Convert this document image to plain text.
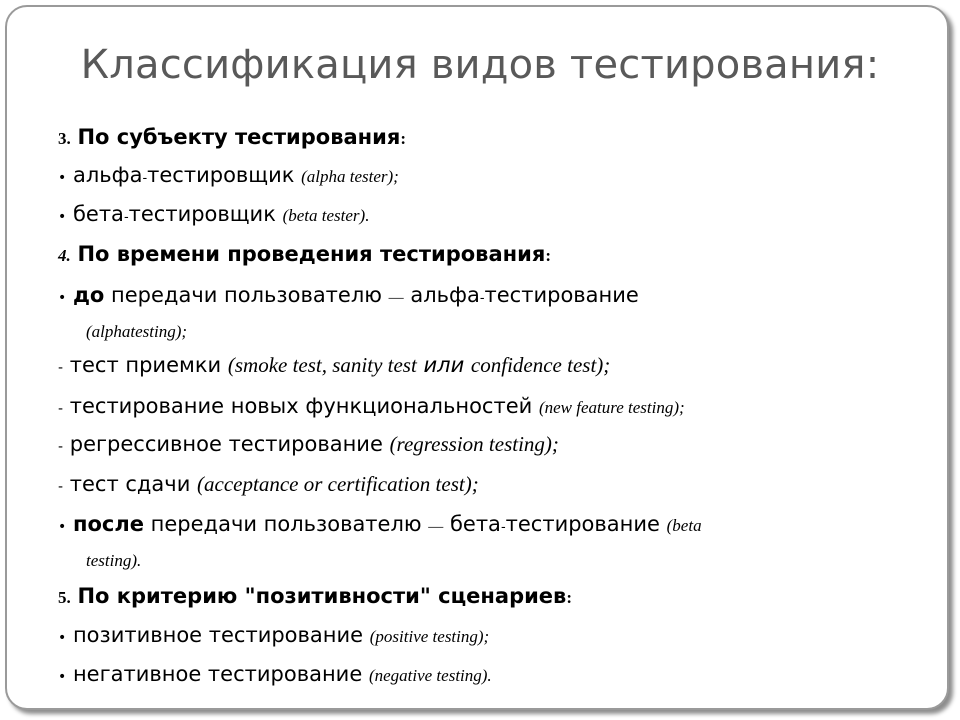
Классификация видов тестирования:
3. По субъекту тестирования:
• альфа-тестировщик (alpha tester);
• бета-тестировщик (beta tester).
4. По времени проведения тестирования:
• до передачи пользователю — альфа-тестирование
(alphatesting);
- тест приемки (smoke test, sanity test или confidence test);
- тестирование новых функциональностей (new feature testing);
- регрессивное тестирование (regression testing);
- тест сдачи (acceptance or certification test);
• после передачи пользователю — бета-тестирование (beta
testing).
5. По критерию "позитивности" сценариев:
• позитивное тестирование (positive testing);
• негативное тестирование (negative testing).
